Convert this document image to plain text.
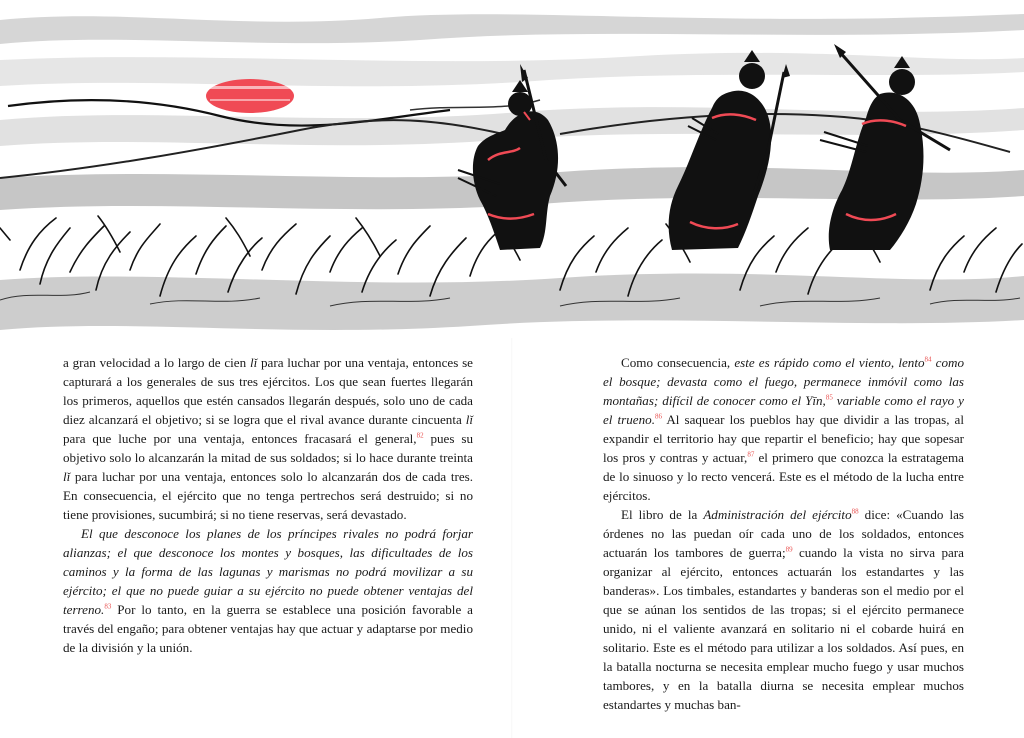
a gran velocidad a lo largo de cien lǐ para luchar por una ventaja, entonces se capturará a los generales de sus tres ejércitos. Los que sean fuertes llegarán los primeros, aquellos que estén cansados llegarán después, solo uno de cada diez alcanzará el objetivo; si se logra que el rival avance durante cincuenta lǐ para que luche por una ventaja, entonces fracasará el general,$^{82}$ pues su objetivo solo lo alcanzarán la mitad de sus soldados; si lo hace durante treinta lǐ para luchar por una ventaja, entonces solo lo alcanzarán dos de cada tres. En consecuencia, el ejército que no tenga pertrechos será destruido; si no tiene provisiones, sucumbirá; si no tiene reservas, será devastado.

El que desconoce los planes de los príncipes rivales no podrá forjar alianzas; el que desconoce los montes y bosques, las dificultades de los caminos y la forma de las lagunas y marismas no podrá movilizar a su ejército; el que no puede guiar a su ejército no puede obtener ventajas del terreno.$^{83}$ Por lo tanto, en la guerra se establece una posición favorable a través del engaño; para obtener ventajas hay que actuar y adaptarse por medio de la división y la unión.

Como consecuencia, este es rápido como el viento, lento$^{84}$ como el bosque; devasta como el fuego, permanece inmóvil como las montañas; difícil de conocer como el Yīn,$^{85}$ variable como el rayo y el trueno.$^{86}$ Al saquear los pueblos hay que dividir a las tropas, al expandir el territorio hay que repartir el beneficio; hay que sopesar los pros y contras y actuar,$^{87}$ el primero que conozca la estratagema de lo sinuoso y lo recto vencerá. Este es el método de la lucha entre ejércitos.

El libro de la Administración del ejército$^{88}$ dice: «Cuando las órdenes no las puedan oír cada uno de los soldados, entonces actuarán los tambores de guerra;$^{89}$ cuando la vista no sirva para organizar al ejército, entonces actuarán los estandartes y las banderas». Los timbales, estandartes y banderas son el medio por el que se aúnan los sentidos de las tropas; si el ejército permanece unido, ni el valiente avanzará en solitario ni el cobarde huirá en solitario. Este es el método para utilizar a los soldados. Así pues, en la batalla nocturna se necesita emplear mucho fuego y usar muchos tambores, y en la batalla diurna se necesita emplear muchos estandartes y muchas ban-
